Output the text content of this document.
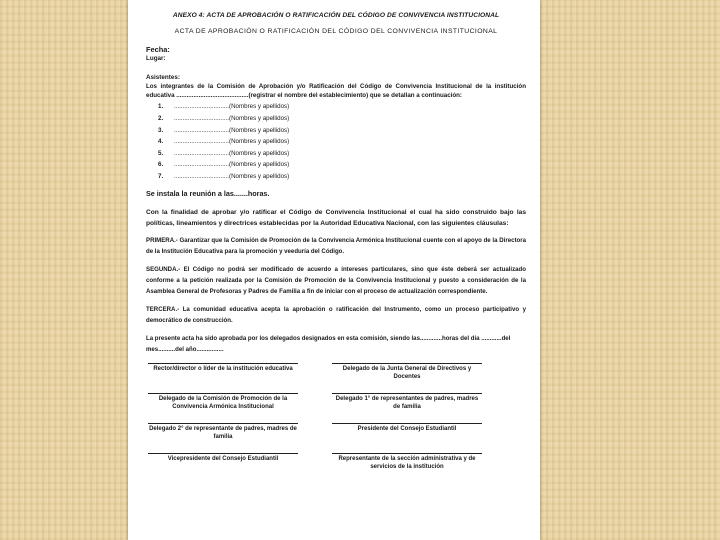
ANEXO 4: ACTA DE APROBACIÓN O RATIFICACIÓN DEL CÓDIGO DE CONVIVENCIA INSTITUCIONAL
ACTA DE APROBACIÓN O RATIFICACIÓN DEL CÓDIGO DEL CONVIVENCIA INSTITUCIONAL
Fecha:
Lugar:
Asistentes:

Los integrantes de la Comisión de Aprobación y/o Ratificación del Código de Convivencia Institucional de la institución educativa ..........................................(registrar el nombre del establecimiento) que se detallan a continuación:

1. ................................(Nombres y apellidos)
2. ................................(Nombres y apellidos)
3. ................................(Nombres y apellidos)
4. ................................(Nombres y apellidos)
5. ................................(Nombres y apellidos)
6. ................................(Nombres y apellidos)
7. ................................(Nombres y apellidos)
Se instala la reunión a las.......horas.

Con la finalidad de aprobar y/o ratificar el Código de Convivencia Institucional el cual ha sido construido bajo las políticas, lineamientos y directrices establecidas por la Autoridad Educativa Nacional, con las siguientes cláusulas:

PRIMERA.- Garantizar que la Comisión de Promoción de la Convivencia Armónica Institucional cuente con el apoyo de la Directora de la Institución Educativa para la promoción y veeduría del Código.

SEGUNDA.- El Código no podrá ser modificado de acuerdo a intereses particulares, sino que éste deberá ser actualizado conforme a la petición realizada por la Comisión de Promoción de la Convivencia Institucional y puesto a consideración de la Asamblea General de Profesoras y Padres de Familia a fin de iniciar con el proceso de actualización correspondiente.

TERCERA.- La comunidad educativa acepta la aprobación o ratificación del Instrumento, como un proceso participativo y democrático de construcción.

La presente acta ha sido aprobada por los delegados designados en esta comisión, siendo las.............horas del día ............del mes..........del año................

Rector/director o líder de la institución educativa	Delegado de la Junta General de Directivos y Docentes
Delegado de la Comisión de Promoción de la Convivencia Armónica Institucional
Delegado 1° de representantes de padres, madres de familia
Delegado 2° de representante de padres, madres de familia
Presidente del Consejo Estudiantil
Vicepresidente del Consejo Estudiantil	Representante de la sección administrativa y de servicios de la institución
